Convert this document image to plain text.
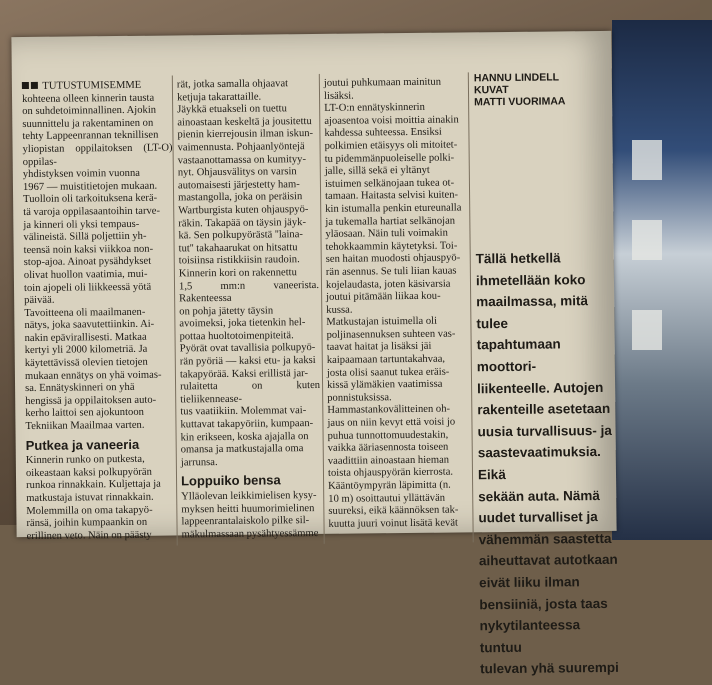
TUTUSTUMISEMME
kohteena olleen kinnerin tausta
on suhdetoiminnallinen. Ajokin
suunnittelu ja rakentaminen on
tehty Lappeenrannan teknillisen
yliopistan oppilaitoksen (LT-O) oppilas-
yhdistyksen voimin vuonna
1967 — muistitietojen mukaan.
Tuolloin oli tarkoituksena kerä-
tä varoja oppilasaantoihin tarve-
ja kinneri oli yksi tempaus-
välineistä. Sillä poljettiin yh-
teensä noin kaksi viikkoa non-
stop-ajoa. Ainoat pysähdykset
olivat huollon vaatimia, mui-
toin ajopeli oli liikkeessä yötä
päivää.

Tavoitteena oli maailmanen-
nätys, joka saavutettiinkin. Ai-
nakin epävirallisesti. Matkaa
kertyi yli 2000 kilometriä. Ja
käytettävissä olevien tietojen
mukaan ennätys on yhä voimas-
sa. Ennätyskinneri on yhä
hengissä ja oppilaitoksen auto-
kerho laittoi sen ajokuntoon
Tekniikan Maailmaa varten.

Putkea ja vaneeria

Kinnerin runko on putkesta,
oikeastaan kaksi polkupyörän
runkoa rinnakkain. Kuljettaja ja
matkustaja istuvat rinnakkain.
Molemmilla on oma takapyö-
ränsä, joihin kumpaankin on
erillinen veto. Näin on päästy

rät, jotka samalla ohjaavat
ketjuja takarattaille.

Jäykkä etuakseli on tuettu
ainoastaan keskeltä ja jousitettu
pienin kierrejousin ilman iskun-
vaimennusta. Pohjaanlyöntejä
vastaanottamassa on kumityy-
nyt. Ohjausvälitys on varsin
automaisesti järjestetty ham-
mastangolla, joka on peräisin
Wartburgista kuten ohjauspyö-
räkin. Takapää on täysin jäyk-
kä. Sen polkupyörästä ''laina-
tut'' takahaarukat on hitsattu
toisiinsa ristikkiisin raudoin.

Kinnerin kori on rakennettu
1,5 mm:n vaneerista. Rakenteessa
on pohja jätetty täysin
avoimeksi, joka tietenkin hel-
pottaa huoltotoimenpiteitä.
Pyörät ovat tavallisia polkupyö-
rän pyöriä — kaksi etu- ja kaksi
takapyörää. Kaksi erillistä jar-
rulaitetta on kuten tieliikennease-
tus vaatiikiin. Molemmat vai-
kuttavat takapyöriin, kumpaan-
kin erikseen, koska ajajalla on
omansa ja matkustajalla oma
jarrunsa.

Loppuiko bensa

Ylläolevan leikkimielisen kysy-
myksen heitti huumorimielinen
lappeenrantalaiskolo pilke sil-
mäkulmassaan pysähtyessämme

joutui puhkumaan mainitun
lisäksi.

LT-O:n ennätyskinnerin
ajoasentoa voisi moittia ainakin
kahdessa suhteessa. Ensiksi
polkimien etäisyys oli mitoitet-
tu pidemmänpuoleiselle polki-
jalle, sillä sekä ei yltänyt
istuimen selkänojaan tukea ot-
tamaan. Haitasta selvisi kuiten-
kin istumalla penkin etureunalla
ja tukemalla hartiat selkänojan
yläosaan. Näin tuli voimakin
tehokkaammin käytetyksi. Toi-
sen haitan muodosti ohjauspyö-
rän asennus. Se tuli liian kauas
kojelaudasta, joten käsivarsia
joutui pitämään liikaa kou-
kussa.

Matkustajan istuimella oli
poljinasennuksen suhteen vas-
taavat haitat ja lisäksi jäi
kaipaamaan tartuntakahvaa,
josta olisi saanut tukea eräis-
kissä ylämäkien vaatimissa
ponnistuksissa.

Hammastankovälitteinen oh-
jaus on niin kevyt että voisi jo
puhua tunnottomuudestakin,
vaikka ääriasennosta toiseen
vaadittiin ainoastaan hieman
toista ohjauspyörän kierrosta.
Kääntöympyrän läpimitta (n.
10 m) osoittautui yllättävän
suureksi, eikä käännöksen tak-
kuutta juuri voinut lisätä kevät

HANNU LINDELL
KUVAT
MATTI VUORIMAA
Tällä hetkellä
ihmetellään koko
maailmassa, mitä tulee
tapahtumaan moottori-
liikenteelle. Autojen
rakenteille asetetaan
uusia turvallisuus- ja
saastevaatimuksia. Eikä
sekään auta. Nämä
uudet turvalliset ja
vähemmän saastetta
aiheuttavat autotkaan
eivät liiku ilman
bensiiniä, josta taas
nykytilanteessa tuntuu
tulevan yhä suurempi
